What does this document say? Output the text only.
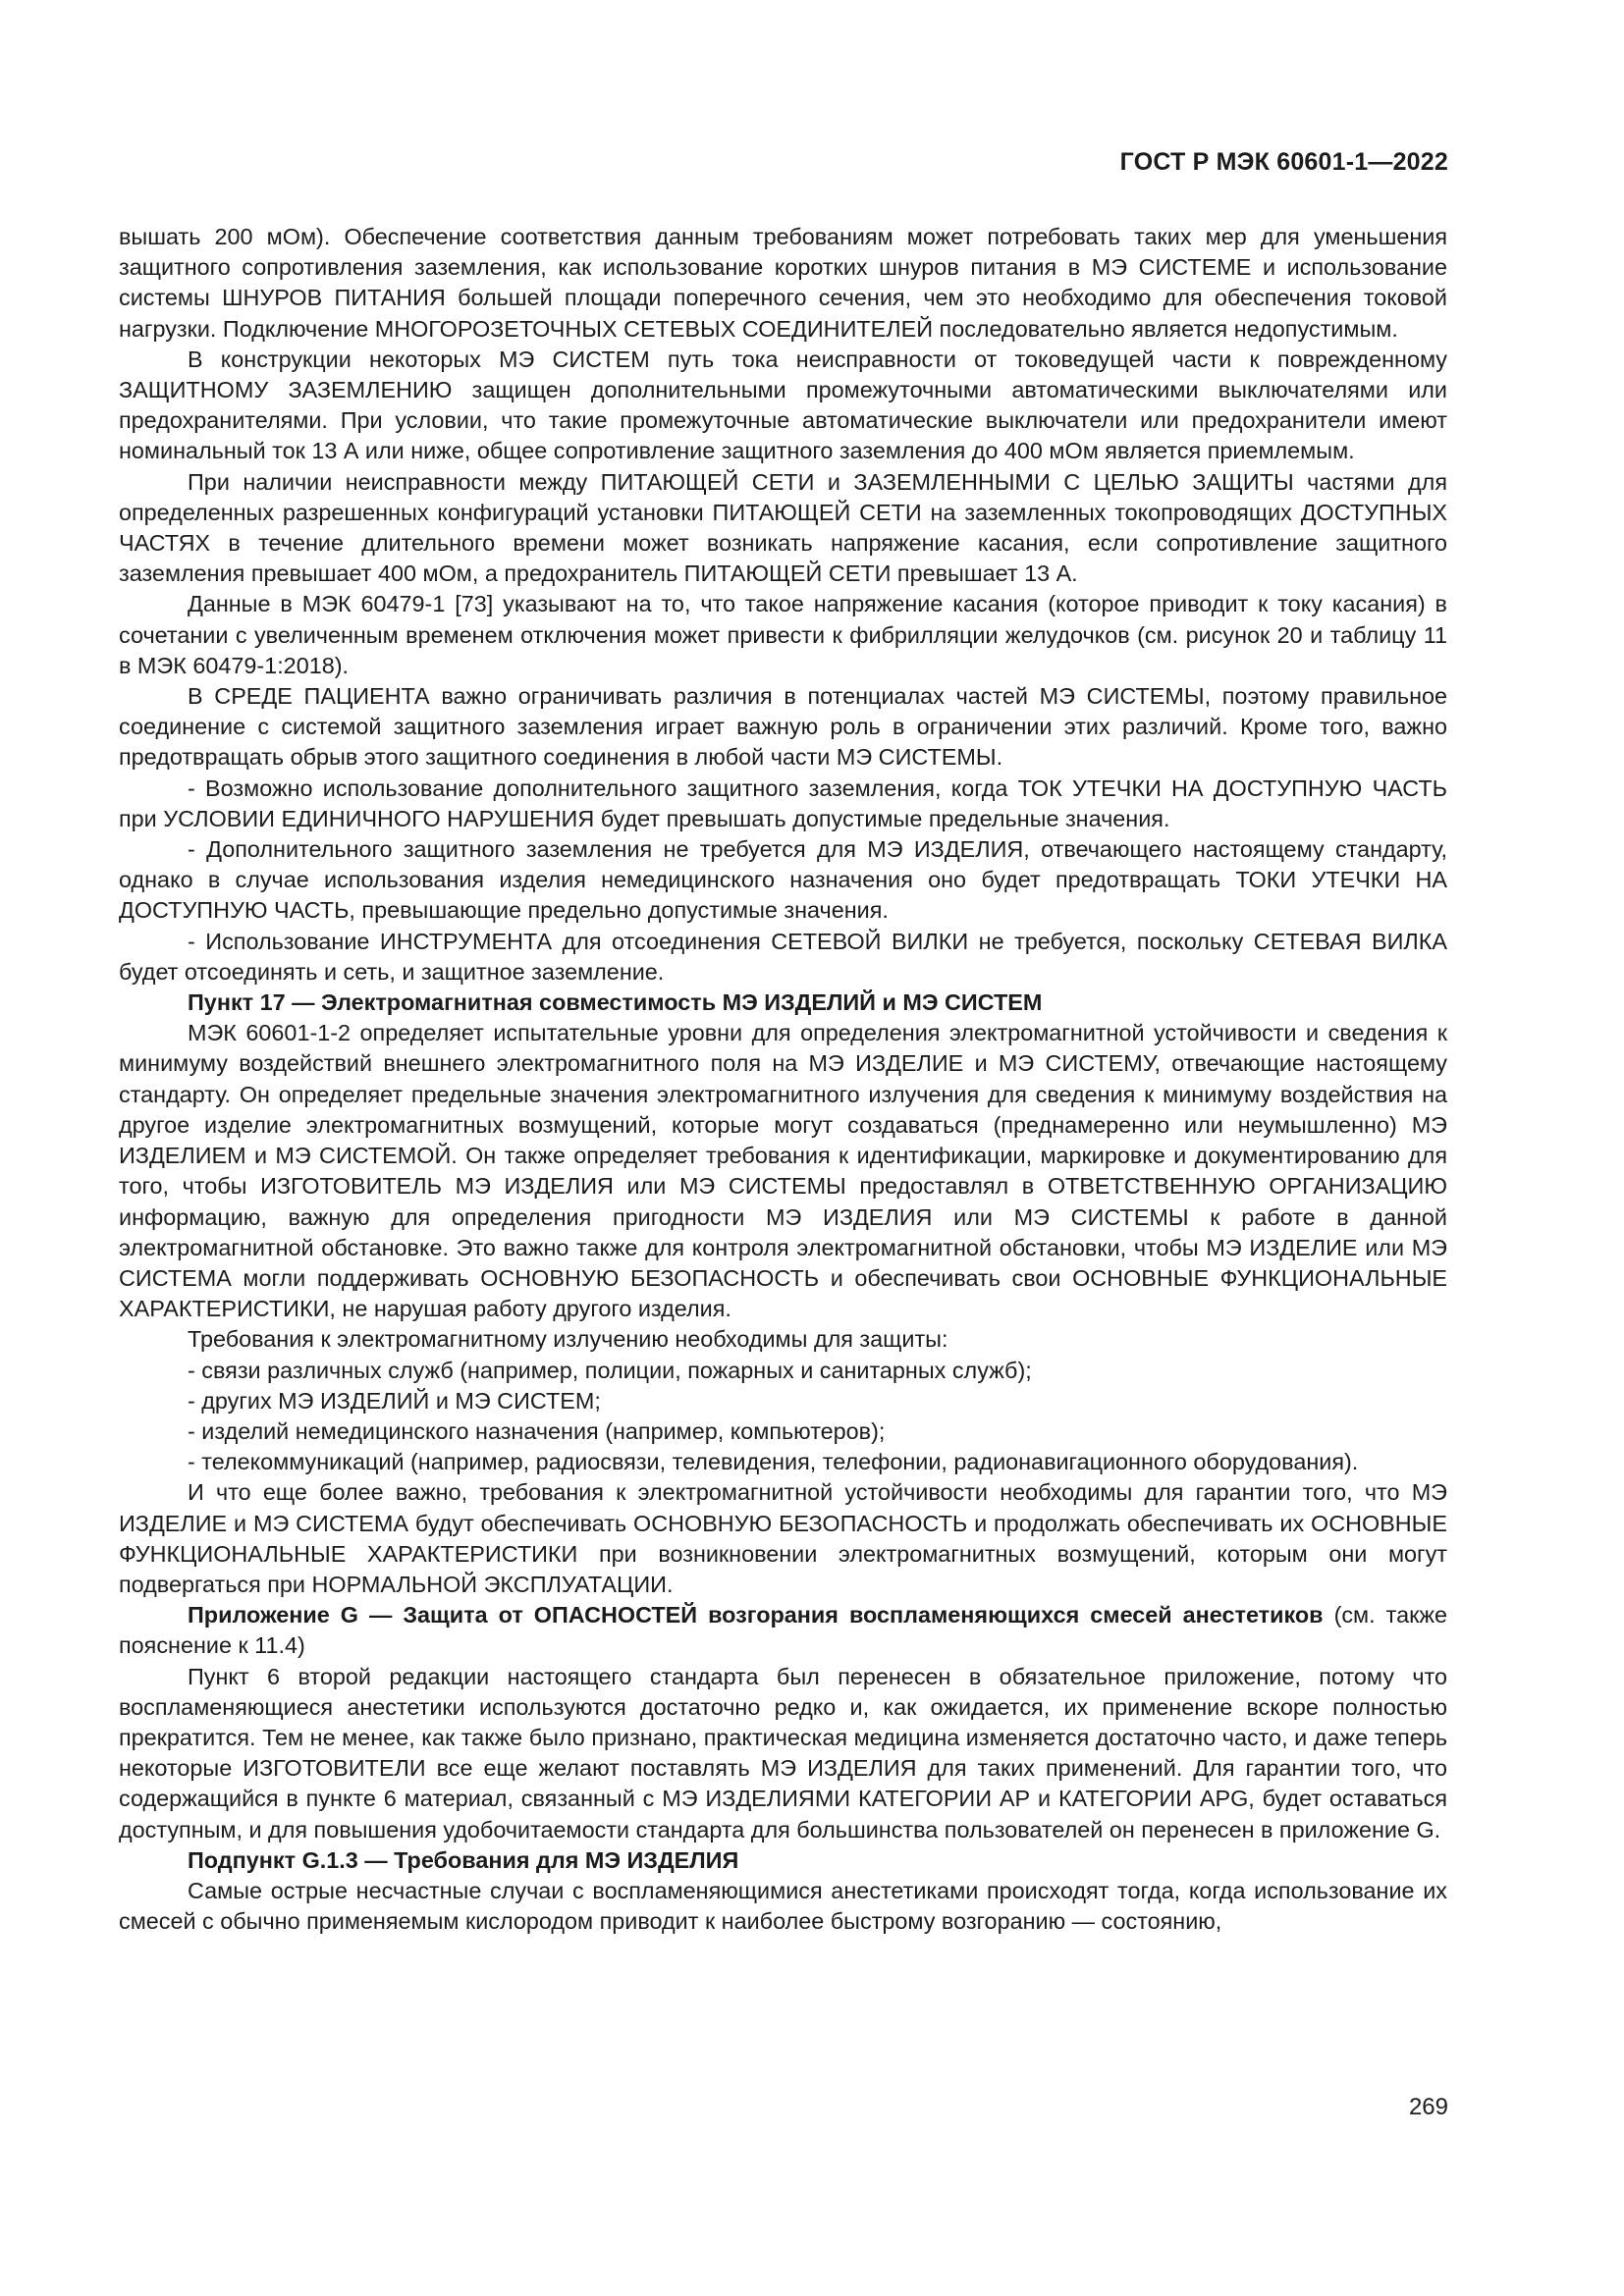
ГОСТ Р МЭК 60601-1—2022

вышать 200 мОм). Обеспечение соответствия данным требованиям может потребовать таких мер для уменьшения защитного сопротивления заземления, как использование коротких шнуров питания в МЭ СИСТЕМЕ и использование системы ШНУРОВ ПИТАНИЯ большей площади поперечного сечения, чем это необходимо для обеспечения токовой нагрузки. Подключение МНОГОРОЗЕТОЧНЫХ СЕТЕВЫХ СОЕДИНИТЕЛЕЙ последовательно является недопустимым.

В конструкции некоторых МЭ СИСТЕМ путь тока неисправности от токоведущей части к поврежденному ЗАЩИТНОМУ ЗАЗЕМЛЕНИЮ защищен дополнительными промежуточными автоматическими выключателями или предохранителями. При условии, что такие промежуточные автоматические выключатели или предохранители имеют номинальный ток 13 А или ниже, общее сопротивление защитного заземления до 400 мОм является приемлемым.

При наличии неисправности между ПИТАЮЩЕЙ СЕТИ и ЗАЗЕМЛЕННЫМИ С ЦЕЛЬЮ ЗАЩИТЫ частями для определенных разрешенных конфигураций установки ПИТАЮЩЕЙ СЕТИ на заземленных токопроводящих ДОСТУПНЫХ ЧАСТЯХ в течение длительного времени может возникать напряжение касания, если сопротивление защитного заземления превышает 400 мОм, а предохранитель ПИТАЮЩЕЙ СЕТИ превышает 13 А.

Данные в МЭК 60479-1 [73] указывают на то, что такое напряжение касания (которое приводит к току касания) в сочетании с увеличенным временем отключения может привести к фибрилляции желудочков (см. рисунок 20 и таблицу 11 в МЭК 60479-1:2018).

В СРЕДЕ ПАЦИЕНТА важно ограничивать различия в потенциалах частей МЭ СИСТЕМЫ, поэтому правильное соединение с системой защитного заземления играет важную роль в ограничении этих различий. Кроме того, важно предотвращать обрыв этого защитного соединения в любой части МЭ СИСТЕМЫ.

- Возможно использование дополнительного защитного заземления, когда ТОК УТЕЧКИ НА ДОСТУПНУЮ ЧАСТЬ при УСЛОВИИ ЕДИНИЧНОГО НАРУШЕНИЯ будет превышать допустимые предельные значения.

- Дополнительного защитного заземления не требуется для МЭ ИЗДЕЛИЯ, отвечающего настоящему стандарту, однако в случае использования изделия немедицинского назначения оно будет предотвращать ТОКИ УТЕЧКИ НА ДОСТУПНУЮ ЧАСТЬ, превышающие предельно допустимые значения.

- Использование ИНСТРУМЕНТА для отсоединения СЕТЕВОЙ ВИЛКИ не требуется, поскольку СЕТЕВАЯ ВИЛКА будет отсоединять и сеть, и защитное заземление.

Пункт 17 — Электромагнитная совместимость МЭ ИЗДЕЛИЙ и МЭ СИСТЕМ

МЭК 60601-1-2 определяет испытательные уровни для определения электромагнитной устойчивости и сведения к минимуму воздействий внешнего электромагнитного поля на МЭ ИЗДЕЛИЕ и МЭ СИСТЕМУ, отвечающие настоящему стандарту. Он определяет предельные значения электромагнитного излучения для сведения к минимуму воздействия на другое изделие электромагнитных возмущений, которые могут создаваться (преднамеренно или неумышленно) МЭ ИЗДЕЛИЕМ и МЭ СИСТЕМОЙ. Он также определяет требования к идентификации, маркировке и документированию для того, чтобы ИЗГОТОВИТЕЛЬ МЭ ИЗДЕЛИЯ или МЭ СИСТЕМЫ предоставлял в ОТВЕТСТВЕННУЮ ОРГАНИЗАЦИЮ информацию, важную для определения пригодности МЭ ИЗДЕЛИЯ или МЭ СИСТЕМЫ к работе в данной электромагнитной обстановке. Это важно также для контроля электромагнитной обстановки, чтобы МЭ ИЗДЕЛИЕ или МЭ СИСТЕМА могли поддерживать ОСНОВНУЮ БЕЗОПАСНОСТЬ и обеспечивать свои ОСНОВНЫЕ ФУНКЦИОНАЛЬНЫЕ ХАРАКТЕРИСТИКИ, не нарушая работу другого изделия.

Требования к электромагнитному излучению необходимы для защиты:

- связи различных служб (например, полиции, пожарных и санитарных служб);

- других МЭ ИЗДЕЛИЙ и МЭ СИСТЕМ;

- изделий немедицинского назначения (например, компьютеров);

- телекоммуникаций (например, радиосвязи, телевидения, телефонии, радионавигационного оборудования).

И что еще более важно, требования к электромагнитной устойчивости необходимы для гарантии того, что МЭ ИЗДЕЛИЕ и МЭ СИСТЕМА будут обеспечивать ОСНОВНУЮ БЕЗОПАСНОСТЬ и продолжать обеспечивать их ОСНОВНЫЕ ФУНКЦИОНАЛЬНЫЕ ХАРАКТЕРИСТИКИ при возникновении электромагнитных возмущений, которым они могут подвергаться при НОРМАЛЬНОЙ ЭКСПЛУАТАЦИИ.

Приложение G — Защита от ОПАСНОСТЕЙ возгорания воспламеняющихся смесей анестетиков (см. также пояснение к 11.4)

Пункт 6 второй редакции настоящего стандарта был перенесен в обязательное приложение, потому что воспламеняющиеся анестетики используются достаточно редко и, как ожидается, их применение вскоре полностью прекратится. Тем не менее, как также было признано, практическая медицина изменяется достаточно часто, и даже теперь некоторые ИЗГОТОВИТЕЛИ все еще желают поставлять МЭ ИЗДЕЛИЯ для таких применений. Для гарантии того, что содержащийся в пункте 6 материал, связанный с МЭ ИЗДЕЛИЯМИ КАТЕГОРИИ АР и КАТЕГОРИИ APG, будет оставаться доступным, и для повышения удобочитаемости стандарта для большинства пользователей он перенесен в приложение G.

Подпункт G.1.3 — Требования для МЭ ИЗДЕЛИЯ

Самые острые несчастные случаи с воспламеняющимися анестетиками происходят тогда, когда использование их смесей с обычно применяемым кислородом приводит к наиболее быстрому возгоранию — состоянию,

269
